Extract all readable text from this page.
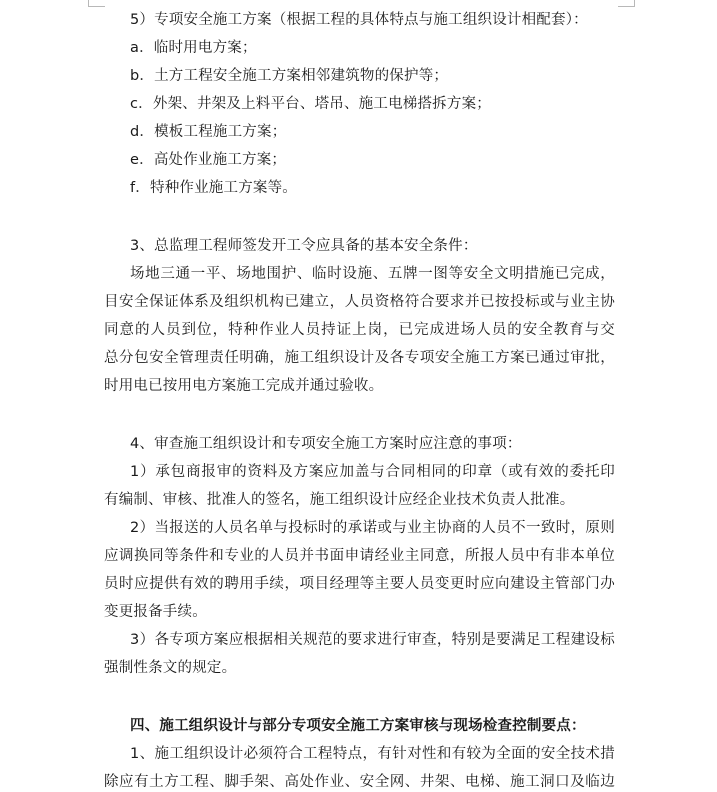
5）专项安全施工方案（根据工程的具体特点与施工组织设计相配套）：
a．临时用电方案；
b．土方工程安全施工方案相邻建筑物的保护等；
c．外架、井架及上料平台、塔吊、施工电梯搭拆方案；
d．模板工程施工方案；
e．高处作业施工方案；
f．特种作业施工方案等。
3、总监理工程师签发开工令应具备的基本安全条件：
场地三通一平、场地围护、临时设施、五牌一图等安全文明措施已完成，
目安全保证体系及组织机构已建立，人员资格符合要求并已按投标或与业主协
同意的人员到位，特种作业人员持证上岗，已完成进场人员的安全教育与交
总分包安全管理责任明确，施工组织设计及各专项安全施工方案已通过审批，
时用电已按用电方案施工完成并通过验收。
4、审查施工组织设计和专项安全施工方案时应注意的事项：
1）承包商报审的资料及方案应加盖与合同相同的印章（或有效的委托印
有编制、审核、批准人的签名，施工组织设计应经企业技术负责人批准。
2）当报送的人员名单与投标时的承诺或与业主协商的人员不一致时，原则
应调换同等条件和专业的人员并书面申请经业主同意，所报人员中有非本单位
员时应提供有效的聘用手续，项目经理等主要人员变更时应向建设主管部门办
变更报备手续。
3）各专项方案应根据相关规范的要求进行审查，特别是要满足工程建设标
强制性条文的规定。
四、施工组织设计与部分专项安全施工方案审核与现场检查控制要点：
1、施工组织设计必须符合工程特点，有针对性和有较为全面的安全技术措
除应有土方工程、脚手架、高处作业、安全网、井架、电梯、施工洞口及临边
